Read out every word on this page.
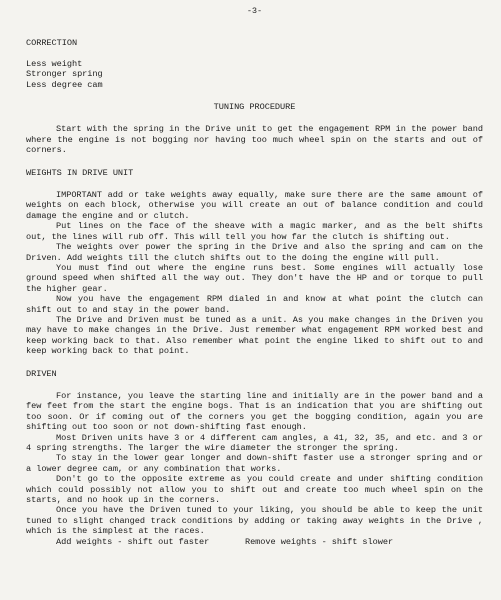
-3-
CORRECTION
Less weight
Stronger spring
Less degree cam
TUNING PROCEDURE

Start with the spring in the Drive unit to get the engagement RPM in the power band where the engine is not bogging nor having too much wheel spin on the starts and out of corners.

WEIGHTS IN DRIVE UNIT

IMPORTANT add or take weights away equally, make sure there are the same amount of weights on each block, otherwise you will create an out of balance condition and could damage the engine and or clutch.

Put lines on the face of the sheave with a magic marker, and as the belt shifts out, the lines will rub off. This will tell you how far the clutch is shifting out.

The weights over power the spring in the Drive and also the spring and cam on the Driven. Add weights till the clutch shifts out to the doing the engine will pull.

You must find out where the engine runs best. Some engines will actually lose ground speed when shifted all the way out. They don't have the HP and or torque to pull the higher gear.

Now you have the engagement RPM dialed in and know at what point the clutch can shift out to and stay in the power band.

The Drive and Driven must be tuned as a unit. As you make changes in the Driven you may have to make changes in the Drive. Just remember what engagement RPM worked best and keep working back to that. Also remember what point the engine liked to shift out to and keep working back to that point.

DRIVEN

For instance, you leave the starting line and initially are in the power band and a few feet from the start the engine bogs. That is an indication that you are shifting out too soon. Or if coming out of the corners you get the bogging condition, again you are shifting out too soon or not down-shifting fast enough.

Most Driven units have 3 or 4 different cam angles, a 41, 32, 35, and etc. and 3 or 4 spring strengths. The larger the wire diameter the stronger the spring.

To stay in the lower gear longer and down-shift faster use a stronger spring and or a lower degree cam, or any combination that works.

Don't go to the opposite extreme as you could create and under shifting condition which could possibly not allow you to shift out and create too much wheel spin on the starts, and no hook up in the corners.

Once you have the Driven tuned to your liking, you should be able to keep the unit tuned to slight changed track conditions by adding or taking away weights in the Drive , which is the simplest at the races.

Add weights - shift out faster       Remove weights - shift slower
